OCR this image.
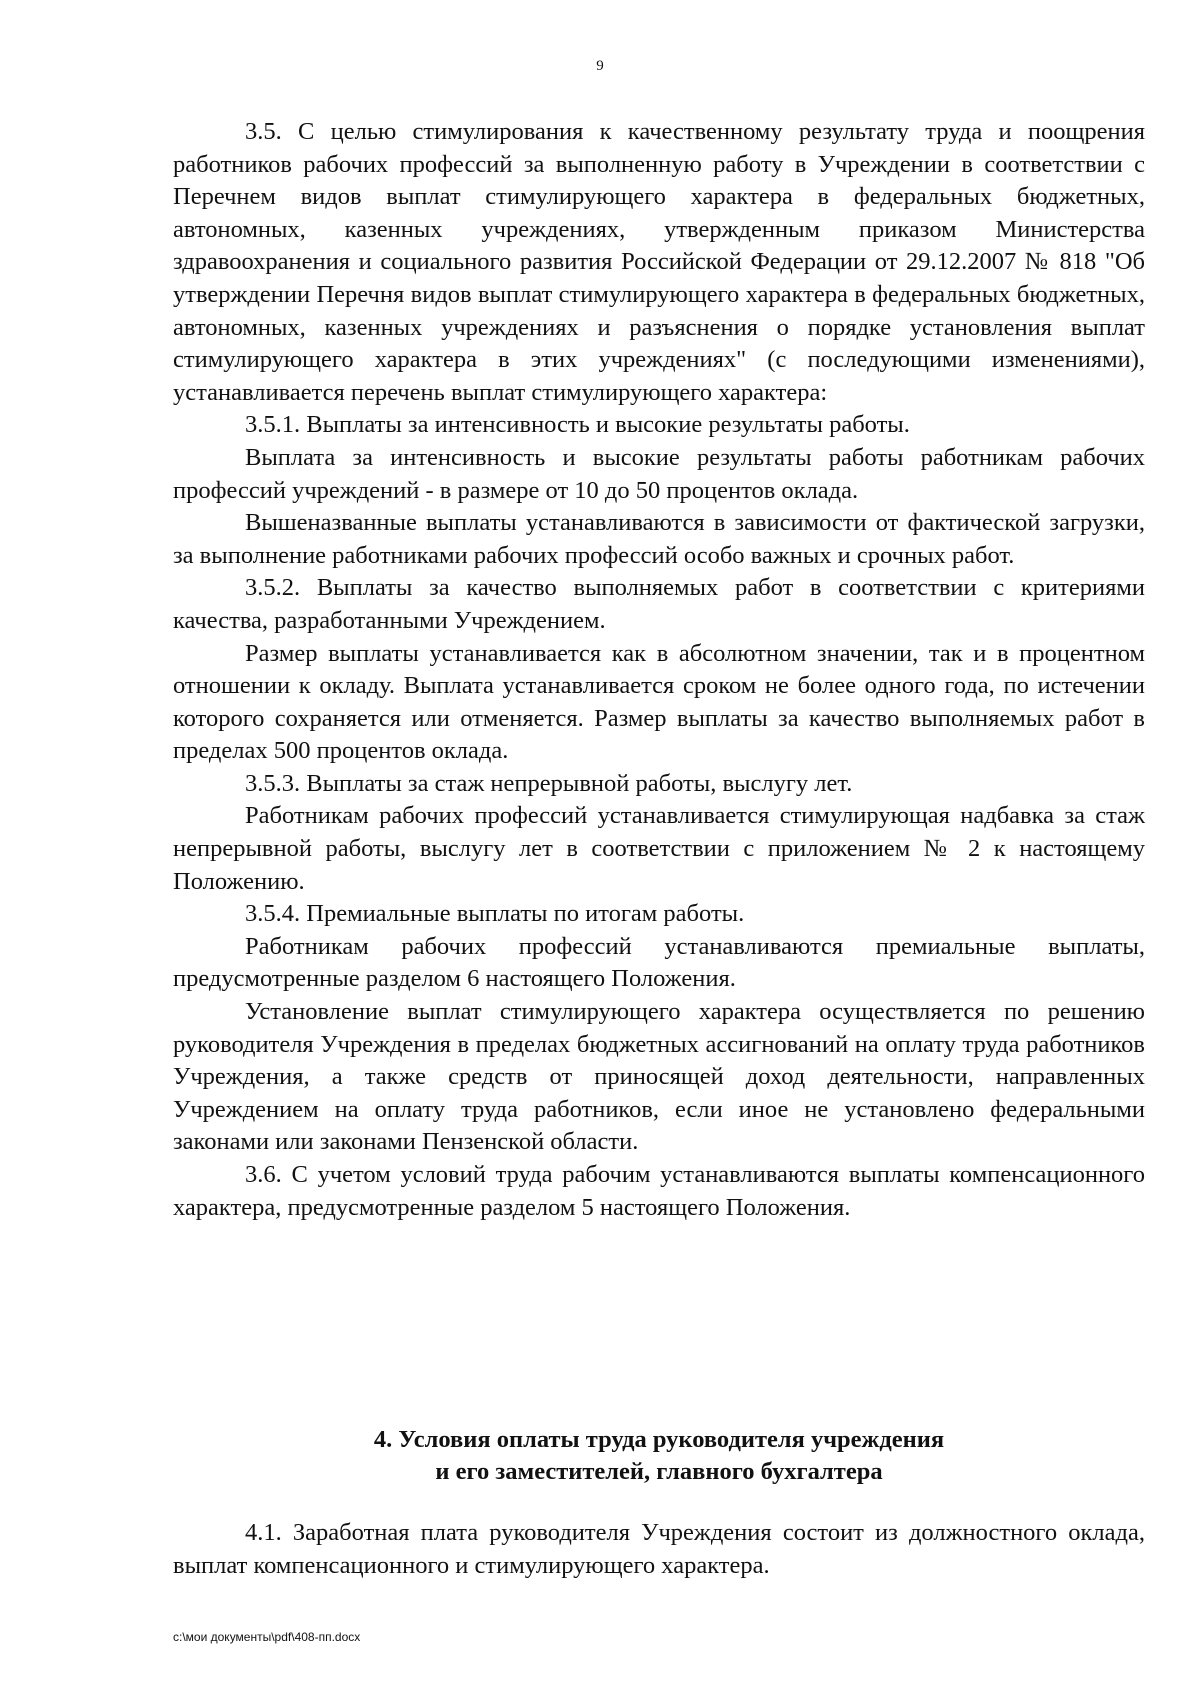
9

3.5. С целью стимулирования к качественному результату труда и поощрения работников рабочих профессий за выполненную работу в Учреждении в соответствии с Перечнем видов выплат стимулирующего характера в федеральных бюджетных, автономных, казенных учреждениях, утвержденным приказом Министерства здравоохранения и социального развития Российской Федерации от 29.12.2007 № 818 "Об утверждении Перечня видов выплат стимулирующего характера в федеральных бюджетных, автономных, казенных учреждениях и разъяснения о порядке установления выплат стимулирующего характера в этих учреждениях" (с последующими изменениями), устанавливается перечень выплат стимулирующего характера:

3.5.1. Выплаты за интенсивность и высокие результаты работы.

Выплата за интенсивность и высокие результаты работы работникам рабочих профессий учреждений - в размере от 10 до 50 процентов оклада.

Вышеназванные выплаты устанавливаются в зависимости от фактической загрузки, за выполнение работниками рабочих профессий особо важных и срочных работ.

3.5.2. Выплаты за качество выполняемых работ в соответствии с критериями качества, разработанными Учреждением.

Размер выплаты устанавливается как в абсолютном значении, так и в процентном отношении к окладу. Выплата устанавливается сроком не более одного года, по истечении которого сохраняется или отменяется. Размер выплаты за качество выполняемых работ в пределах 500 процентов оклада.

3.5.3. Выплаты за стаж непрерывной работы, выслугу лет.

Работникам рабочих профессий устанавливается стимулирующая надбавка за стаж непрерывной работы, выслугу лет в соответствии с приложением № 2 к настоящему Положению.

3.5.4. Премиальные выплаты по итогам работы.

Работникам рабочих профессий устанавливаются премиальные выплаты, предусмотренные разделом 6 настоящего Положения.

Установление выплат стимулирующего характера осуществляется по решению руководителя Учреждения в пределах бюджетных ассигнований на оплату труда работников Учреждения, а также средств от приносящей доход деятельности, направленных Учреждением на оплату труда работников, если иное не установлено федеральными законами или законами Пензенской области.

3.6. С учетом условий труда рабочим устанавливаются выплаты компенсационного характера, предусмотренные разделом 5 настоящего Положения.

4. Условия оплаты труда руководителя учреждения
и его заместителей, главного бухгалтера

4.1. Заработная плата руководителя Учреждения состоит из должностного оклада, выплат компенсационного и стимулирующего характера.

c:\мои документы\pdf\408-пп.docx
